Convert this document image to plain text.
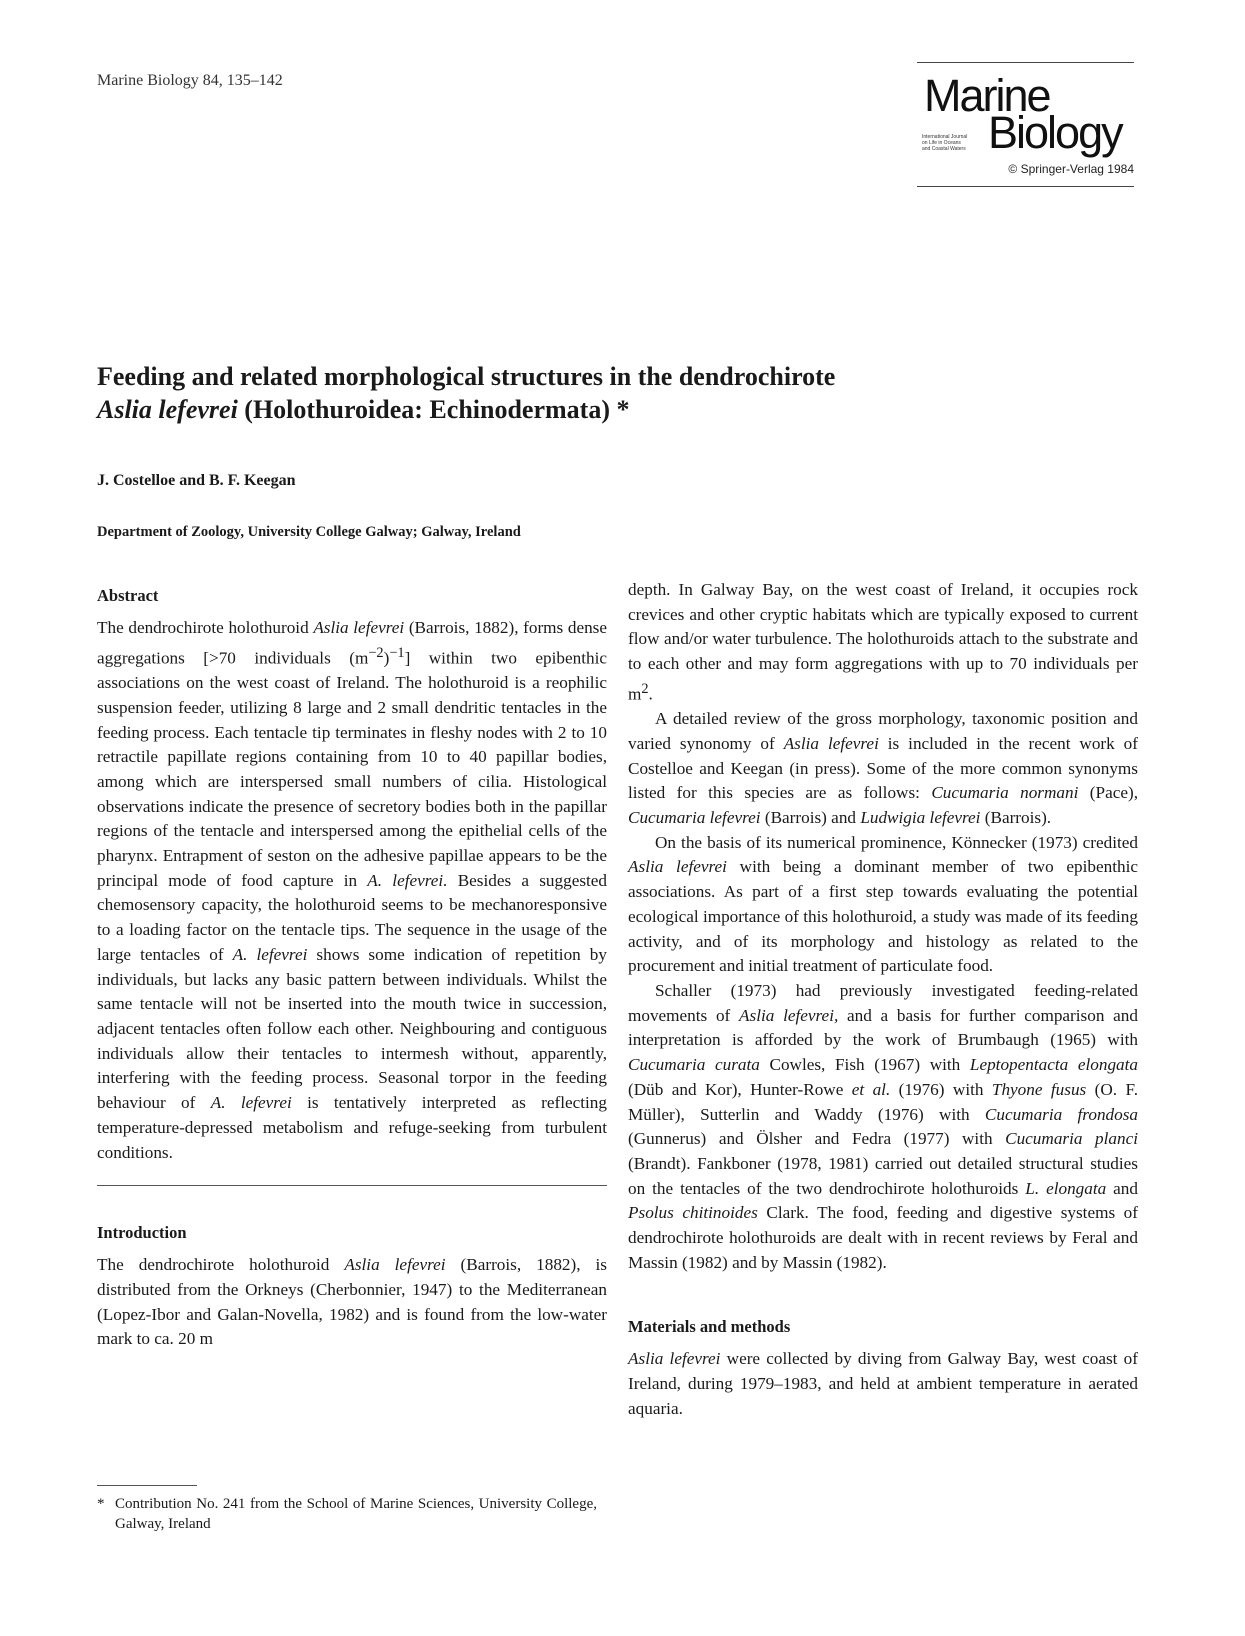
Marine Biology 84, 135–142	Marine
International Journal
on Life in Oceans
and Coastal Waters Biology
© Springer-Verlag 1984
Feeding and related morphological structures in the dendrochirote
Aslia lefevrei (Holothuroidea: Echinodermata) *

J. Costelloe and B. F. Keegan

Department of Zoology, University College Galway; Galway, Ireland

Abstract

The dendrochirote holothuroid Aslia lefevrei (Barrois, 1882), forms dense aggregations [>70 individuals $(m^{-2})^{-1}$] within two epibenthic associations on the west coast of Ireland. The holothuroid is a reophilic suspension feeder, utilizing 8 large and 2 small dendritic tentacles in the feeding process. Each tentacle tip terminates in fleshy nodes with 2 to 10 retractile papillate regions containing from 10 to 40 papillar bodies, among which are interspersed small numbers of cilia. Histological observations indicate the presence of secretory bodies both in the papillar regions of the tentacle and interspersed among the epithelial cells of the pharynx. Entrapment of seston on the adhesive papillae appears to be the principal mode of food capture in A. lefevrei. Besides a suggested chemosensory capacity, the holothuroid seems to be mechanoresponsive to a loading factor on the tentacle tips. The sequence in the usage of the large tentacles of A. lefevrei shows some indication of repetition by individuals, but lacks any basic pattern between individuals. Whilst the same tentacle will not be inserted into the mouth twice in succession, adjacent tentacles often follow each other. Neighbouring and contiguous individuals allow their tentacles to intermesh without, apparently, interfering with the feeding process. Seasonal torpor in the feeding behaviour of A. lefevrei is tentatively interpreted as reflecting temperature-depressed metabolism and refuge-seeking from turbulent conditions.

Introduction

The dendrochirote holothuroid Aslia lefevrei (Barrois, 1882), is distributed from the Orkneys (Cherbonnier, 1947) to the Mediterranean (Lopez-Ibor and Galan-Novella, 1982) and is found from the low-water mark to ca. 20 m

depth. In Galway Bay, on the west coast of Ireland, it occupies rock crevices and other cryptic habitats which are typically exposed to current flow and/or water turbulence. The holothuroids attach to the substrate and to each other and may form aggregations with up to 70 individuals per $m^2$.

A detailed review of the gross morphology, taxonomic position and varied synonomy of Aslia lefevrei is included in the recent work of Costelloe and Keegan (in press). Some of the more common synonyms listed for this species are as follows: Cucumaria normani (Pace), Cucumaria lefevrei (Barrois) and Ludwigia lefevrei (Barrois).

On the basis of its numerical prominence, Könnecker (1973) credited Aslia lefevrei with being a dominant member of two epibenthic associations. As part of a first step towards evaluating the potential ecological importance of this holothuroid, a study was made of its feeding activity, and of its morphology and histology as related to the procurement and initial treatment of particulate food.

Schaller (1973) had previously investigated feeding-related movements of Aslia lefevrei, and a basis for further comparison and interpretation is afforded by the work of Brumbaugh (1965) with Cucumaria curata Cowles, Fish (1967) with Leptopentacta elongata (Düb and Kor), Hunter-Rowe et al. (1976) with Thyone fusus (O. F. Müller), Sutterlin and Waddy (1976) with Cucumaria frondosa (Gunnerus) and Ölsher and Fedra (1977) with Cucumaria planci (Brandt). Fankboner (1978, 1981) carried out detailed structural studies on the tentacles of the two dendrochirote holothuroids L. elongata and Psolus chitinoides Clark. The food, feeding and digestive systems of dendrochirote holothuroids are dealt with in recent reviews by Feral and Massin (1982) and by Massin (1982).

Materials and methods

Aslia lefevrei were collected by diving from Galway Bay, west coast of Ireland, during 1979–1983, and held at ambient temperature in aerated aquaria.

* Contribution No. 241 from the School of Marine Sciences, University College, Galway, Ireland
